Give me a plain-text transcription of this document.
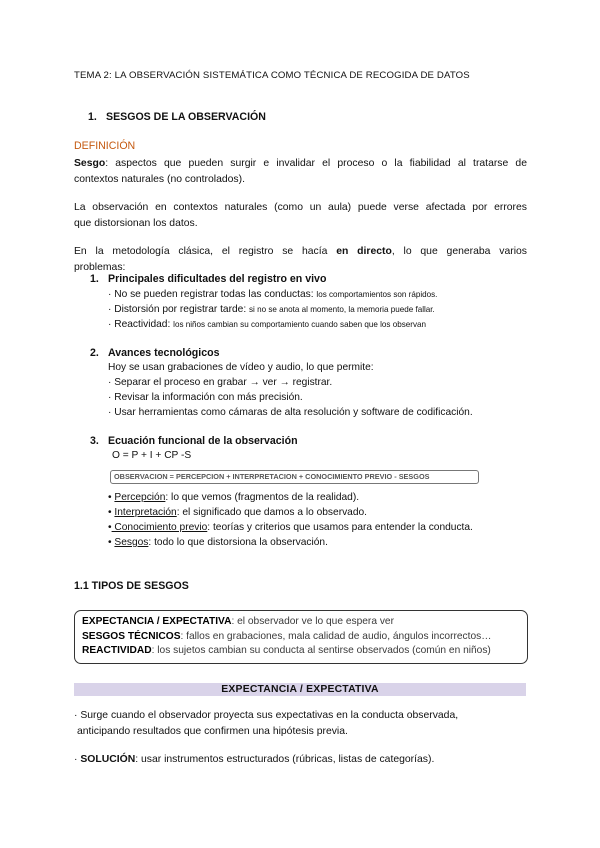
TEMA 2: LA OBSERVACIÓN SISTEMÁTICA COMO TÉCNICA DE RECOGIDA DE DATOS
1. SESGOS DE LA OBSERVACIÓN
DEFINICIÓN
Sesgo: aspectos que pueden surgir e invalidar el proceso o la fiabilidad al tratarse de
contextos naturales (no controlados).
La observación en contextos naturales (como un aula) puede verse afectada por errores
que distorsionan los datos.
En la metodología clásica, el registro se hacía en directo, lo que generaba varios
problemas:
1. Principales dificultades del registro en vivo
· No se pueden registrar todas las conductas: los comportamientos son rápidos.
· Distorsión por registrar tarde: si no se anota al momento, la memoria puede fallar.
· Reactividad: los niños cambian su comportamiento cuando saben que los observan
2. Avances tecnológicos
Hoy se usan grabaciones de vídeo y audio, lo que permite:
· Separar el proceso en grabar → ver → registrar.
· Revisar la información con más precisión.
· Usar herramientas como cámaras de alta resolución y software de codificación.
3. Ecuación funcional de la observación
O = P + I + CP -S
OBSERVACION = PERCEPCION + INTERPRETACION + CONOCIMIENTO PREVIO - SESGOS
• Percepción: lo que vemos (fragmentos de la realidad).
• Interpretación: el significado que damos a lo observado.
• Conocimiento previo: teorías y criterios que usamos para entender la conducta.
• Sesgos: todo lo que distorsiona la observación.
1.1 TIPOS DE SESGOS
EXPECTANCIA / EXPECTATIVA: el observador ve lo que espera ver
SESGOS TÉCNICOS: fallos en grabaciones, mala calidad de audio, ángulos incorrectos…
REACTIVIDAD: los sujetos cambian su conducta al sentirse observados (común en niños)
EXPECTANCIA / EXPECTATIVA
· Surge cuando el observador proyecta sus expectativas en la conducta observada,
anticipando resultados que confirmen una hipótesis previa.
· SOLUCIÓN: usar instrumentos estructurados (rúbricas, listas de categorías).
